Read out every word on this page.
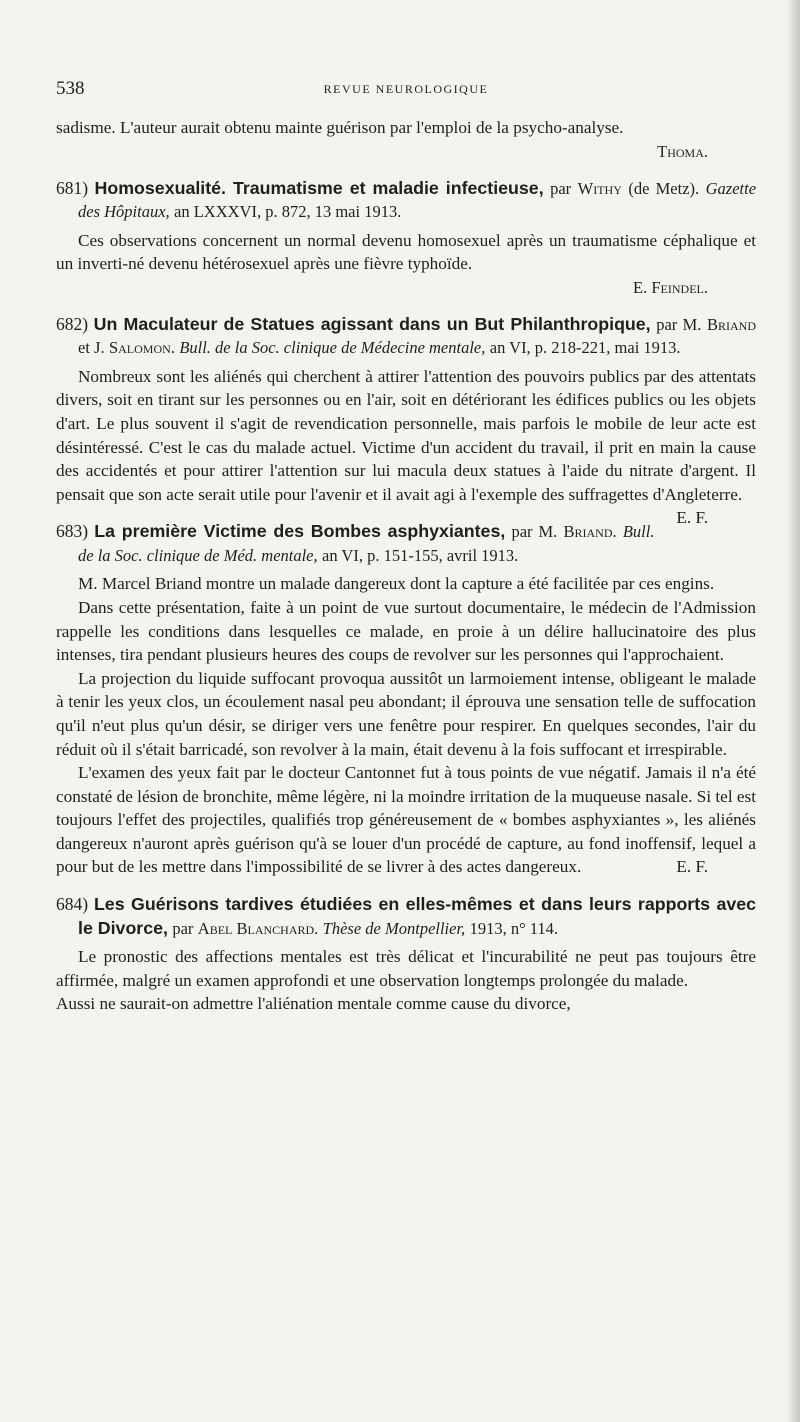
538	REVUE NEUROLOGIQUE

sadisme. L'auteur aurait obtenu mainte guérison par l'emploi de la psycho-analyse.

Thoma.
681) Homosexualité. Traumatisme et maladie infectieuse, par Withy (de Metz). Gazette des Hôpitaux, an LXXXVI, p. 872, 13 mai 1913.

Ces observations concernent un normal devenu homosexuel après un traumatisme céphalique et un inverti-né devenu hétérosexuel après une fièvre typhoïde.

E. Feindel.
682) Un Maculateur de Statues agissant dans un But Philanthropique, par M. Briand et J. Salomon. Bull. de la Soc. clinique de Médecine mentale, an VI, p. 218-221, mai 1913.

Nombreux sont les aliénés qui cherchent à attirer l'attention des pouvoirs publics par des attentats divers, soit en tirant sur les personnes ou en l'air, soit en détériorant les édifices publics ou les objets d'art. Le plus souvent il s'agit de revendication personnelle, mais parfois le mobile de leur acte est désintéressé. C'est le cas du malade actuel. Victime d'un accident du travail, il prit en main la cause des accidentés et pour attirer l'attention sur lui macula deux statues à l'aide du nitrate d'argent. Il pensait que son acte serait utile pour l'avenir et il avait agi à l'exemple des suffragettes d'Angleterre.
E. F.

683) La première Victime des Bombes asphyxiantes, par M. Briand. Bull. de la Soc. clinique de Méd. mentale, an VI, p. 151-155, avril 1913.

M. Marcel Briand montre un malade dangereux dont la capture a été facilitée par ces engins.

Dans cette présentation, faite à un point de vue surtout documentaire, le médecin de l'Admission rappelle les conditions dans lesquelles ce malade, en proie à un délire hallucinatoire des plus intenses, tira pendant plusieurs heures des coups de revolver sur les personnes qui l'approchaient.

La projection du liquide suffocant provoqua aussitôt un larmoiement intense, obligeant le malade à tenir les yeux clos, un écoulement nasal peu abondant; il éprouva une sensation telle de suffocation qu'il n'eut plus qu'un désir, se diriger vers une fenêtre pour respirer. En quelques secondes, l'air du réduit où il s'était barricadé, son revolver à la main, était devenu à la fois suffocant et irrespirable.

L'examen des yeux fait par le docteur Cantonnet fut à tous points de vue négatif. Jamais il n'a été constaté de lésion de bronchite, même légère, ni la moindre irritation de la muqueuse nasale. Si tel est toujours l'effet des projectiles, qualifiés trop généreusement de « bombes asphyxiantes », les aliénés dangereux n'auront après guérison qu'à se louer d'un procédé de capture, au fond inoffensif, lequel a pour but de les mettre dans l'impossibilité de se livrer à des actes dangereux.	E. F.

684) Les Guérisons tardives étudiées en elles-mêmes et dans leurs rapports avec le Divorce, par Abel Blanchard. Thèse de Montpellier, 1913, n° 114.

Le pronostic des affections mentales est très délicat et l'incurabilité ne peut pas toujours être affirmée, malgré un examen approfondi et une observation longtemps prolongée du malade.

Aussi ne saurait-on admettre l'aliénation mentale comme cause du divorce,
